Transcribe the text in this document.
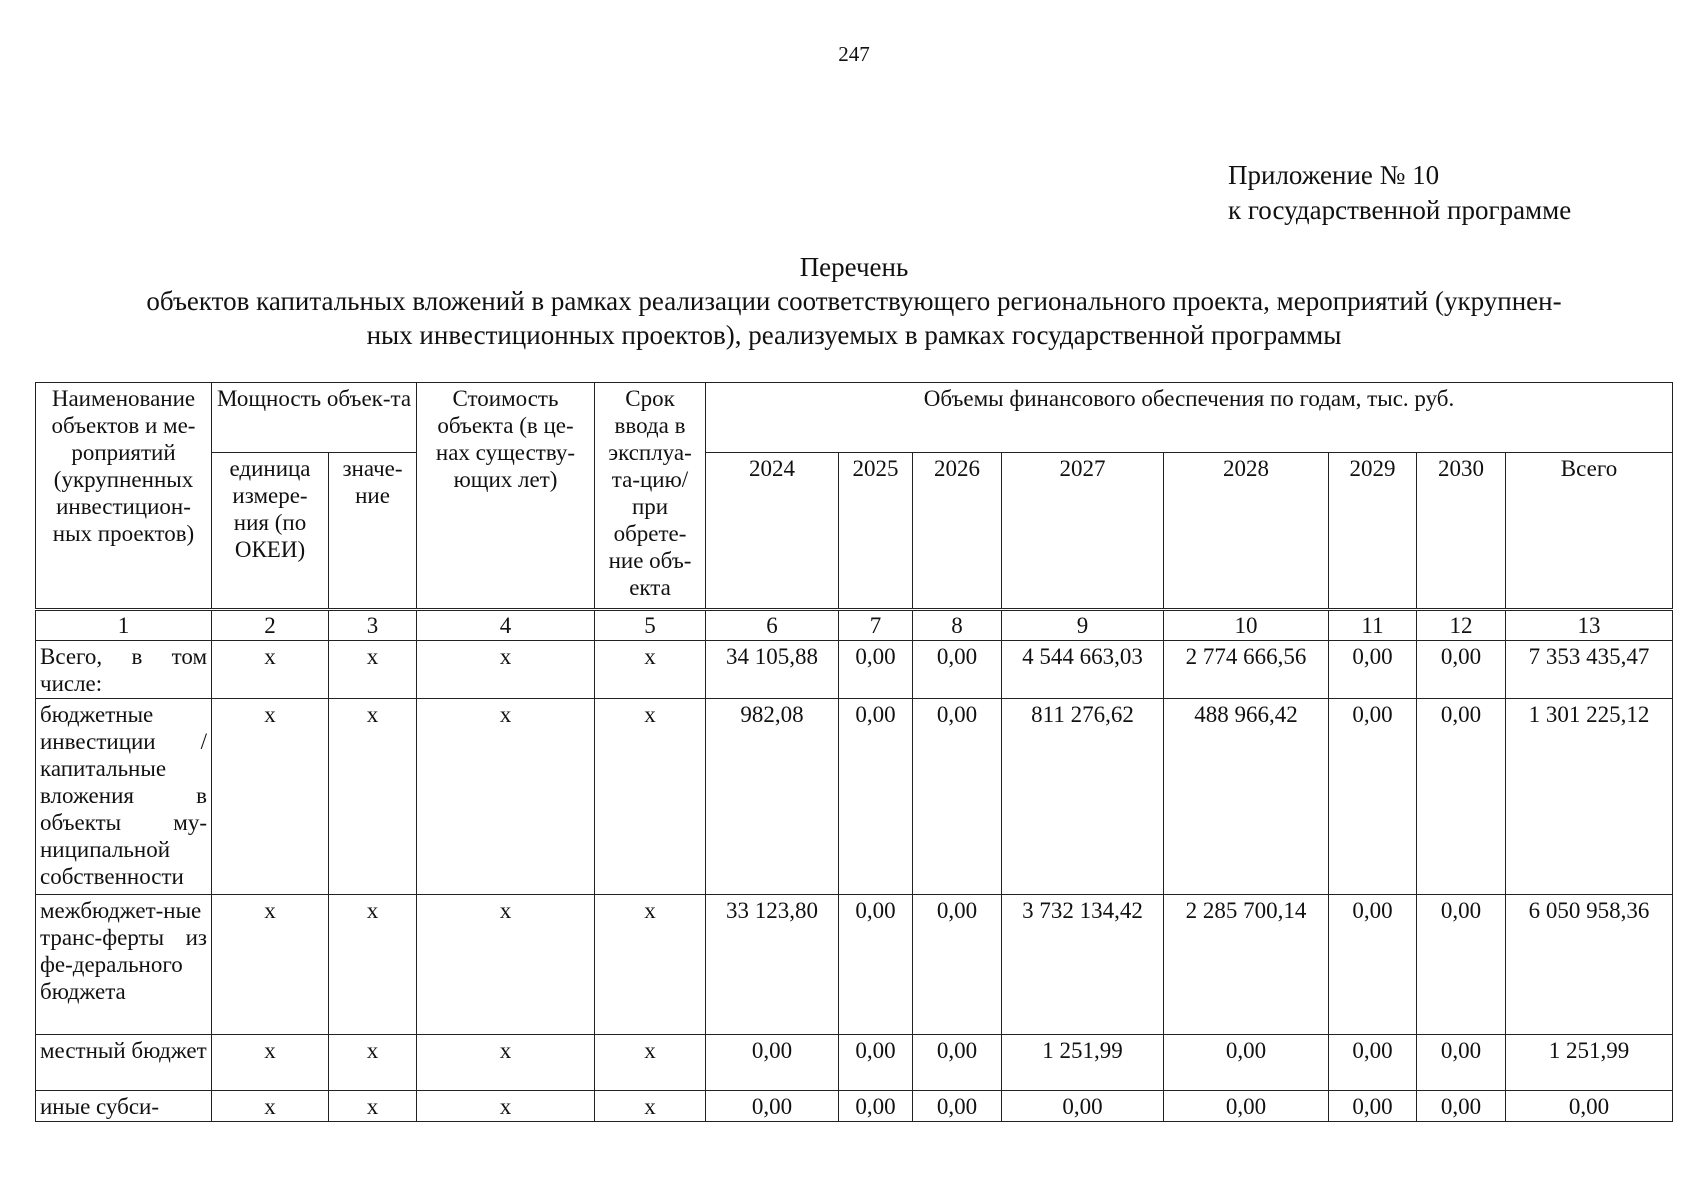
247
Приложение № 10
к государственной программе
Перечень
объектов капитальных вложений в рамках реализации соответствующего регионального проекта, мероприятий (укрупнен-
ных инвестиционных проектов), реализуемых в рамках государственной программы
Наименование объектов и ме-роприятий (укрупненных инвестицион-ных проектов)	Мощность объек-та		Стоимость объекта (в це-нах существу-ющих лет)	Срок ввода в эксплуа-та-цию/при обрете-ние объ-екта	Объемы финансового обеспечения по годам, тыс. руб.							
	единица измере-ния (по ОКЕИ)	значе-ние			2024	2025	2026	2027	2028	2029	2030	Всего
1	2	3	4	5	6	7	8	9	10	11	12	13
Всего, в том числе:	х	х	х	х	34 105,88	0,00	0,00	4 544 663,03	2 774 666,56	0,00	0,00	7 353 435,47
бюджетные инвестиции / капитальные вложения в объекты му-ниципальной собственности	х	х	х	х	982,08	0,00	0,00	811 276,62	488 966,42	0,00	0,00	1 301 225,12
межбюджет-ные транс-ферты из фе-дерального бюджета	х	х	х	х	33 123,80	0,00	0,00	3 732 134,42	2 285 700,14	0,00	0,00	6 050 958,36
местный бюджет	х	х	х	х	0,00	0,00	0,00	1 251,99	0,00	0,00	0,00	1 251,99
иные субси-	х	х	х	х	0,00	0,00	0,00	0,00	0,00	0,00	0,00	0,00
